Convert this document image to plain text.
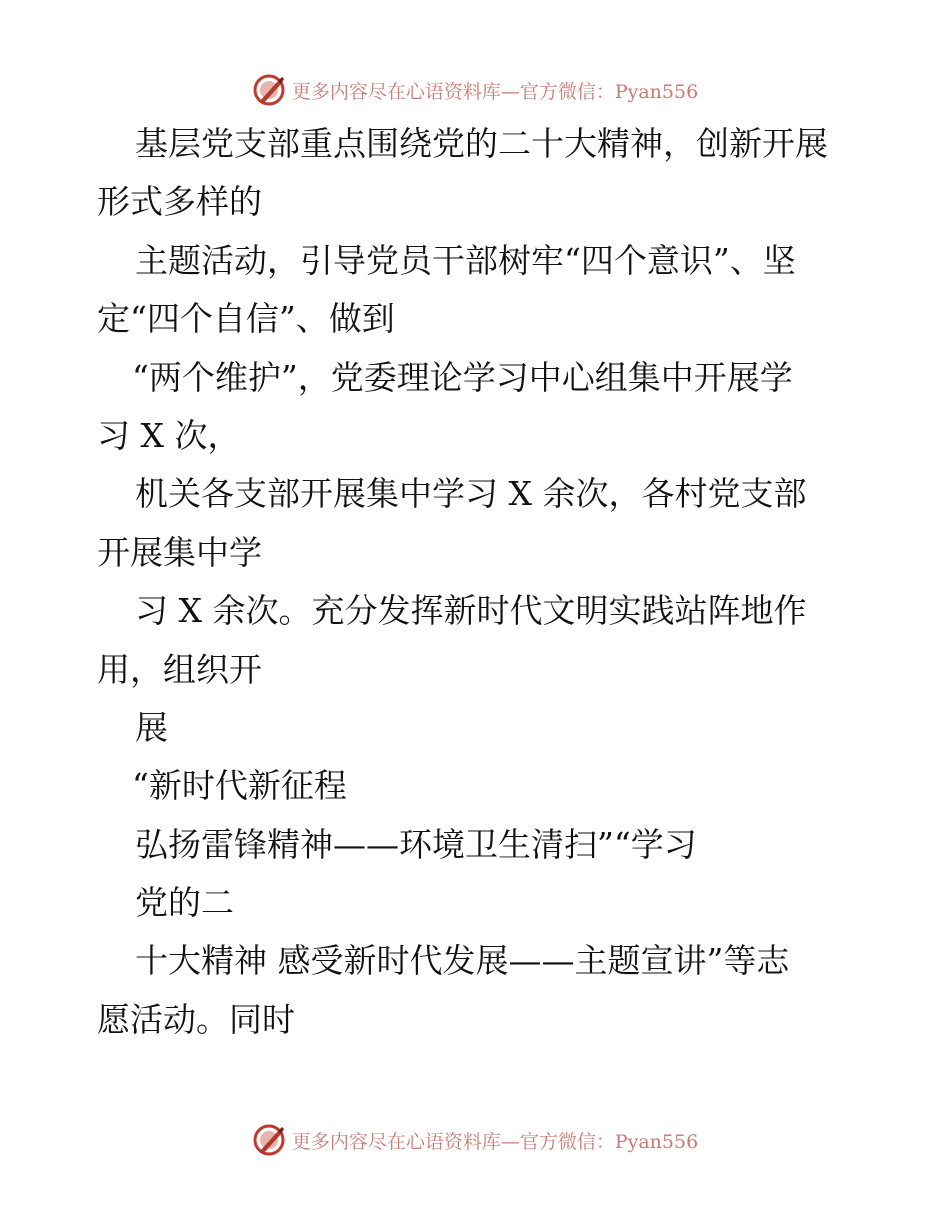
更多内容尽在心语资料库—官方微信：Pyan556
基层党支部重点围绕党的二十大精神，创新开展
形式多样的
主题活动，引导党员干部树牢“四个意识”、坚
定“四个自信”、做到
“两个维护”，党委理论学习中心组集中开展学
习 X 次，
机关各支部开展集中学习 X 余次，各村党支部
开展集中学
习 X 余次。充分发挥新时代文明实践站阵地作
用，组织开
展
“新时代新征程
弘扬雷锋精神——环境卫生清扫”“学习
党的二
十大精神 感受新时代发展——主题宣讲”等志
愿活动。同时
更多内容尽在心语资料库—官方微信：Pyan556
